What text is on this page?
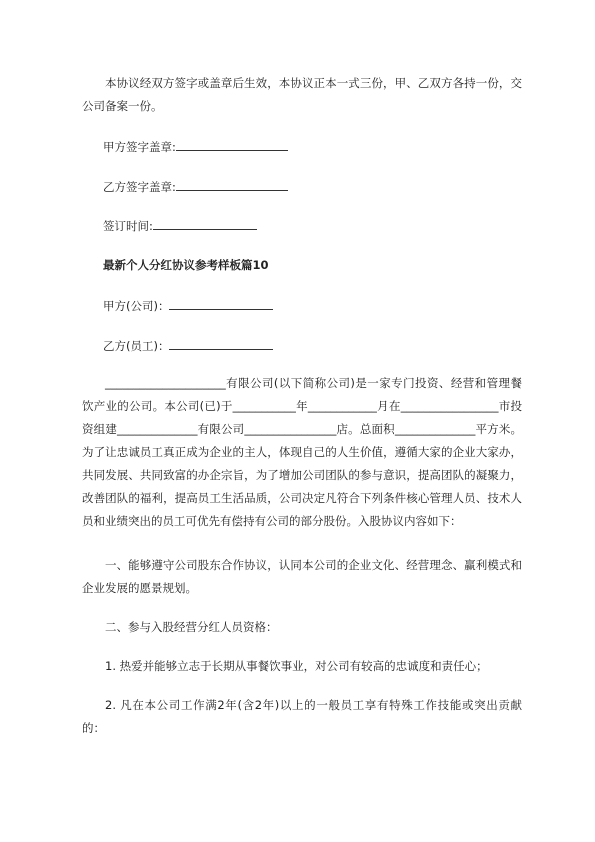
本协议经双方签字或盖章后生效，本协议正本一式三份，甲、乙双方各持一份，交公司备案一份。

甲方签字盖章:

乙方签字盖章:

签订时间:

最新个人分红协议参考样板篇10

甲方(公司)：

乙方(员工)：

_____________________有限公司(以下简称公司)是一家专门投资、经营和管理餐饮产业的公司。本公司(已)于___________年____________月在_________________市投资组建______________有限公司________________店。总面积______________平方米。为了让忠诚员工真正成为企业的主人，体现自己的人生价值，遵循大家的企业大家办，共同发展、共同致富的办企宗旨，为了增加公司团队的参与意识，提高团队的凝聚力，改善团队的福利，提高员工生活品质，公司决定凡符合下列条件核心管理人员、技术人员和业绩突出的员工可优先有偿持有公司的部分股份。入股协议内容如下：

一、能够遵守公司股东合作协议，认同本公司的企业文化、经营理念、赢利模式和企业发展的愿景规划。

二、参与入股经营分红人员资格：

1. 热爱并能够立志于长期从事餐饮事业，对公司有较高的忠诚度和责任心；

2. 凡在本公司工作满2年(含2年)以上的一般员工享有特殊工作技能或突出贡献的：
